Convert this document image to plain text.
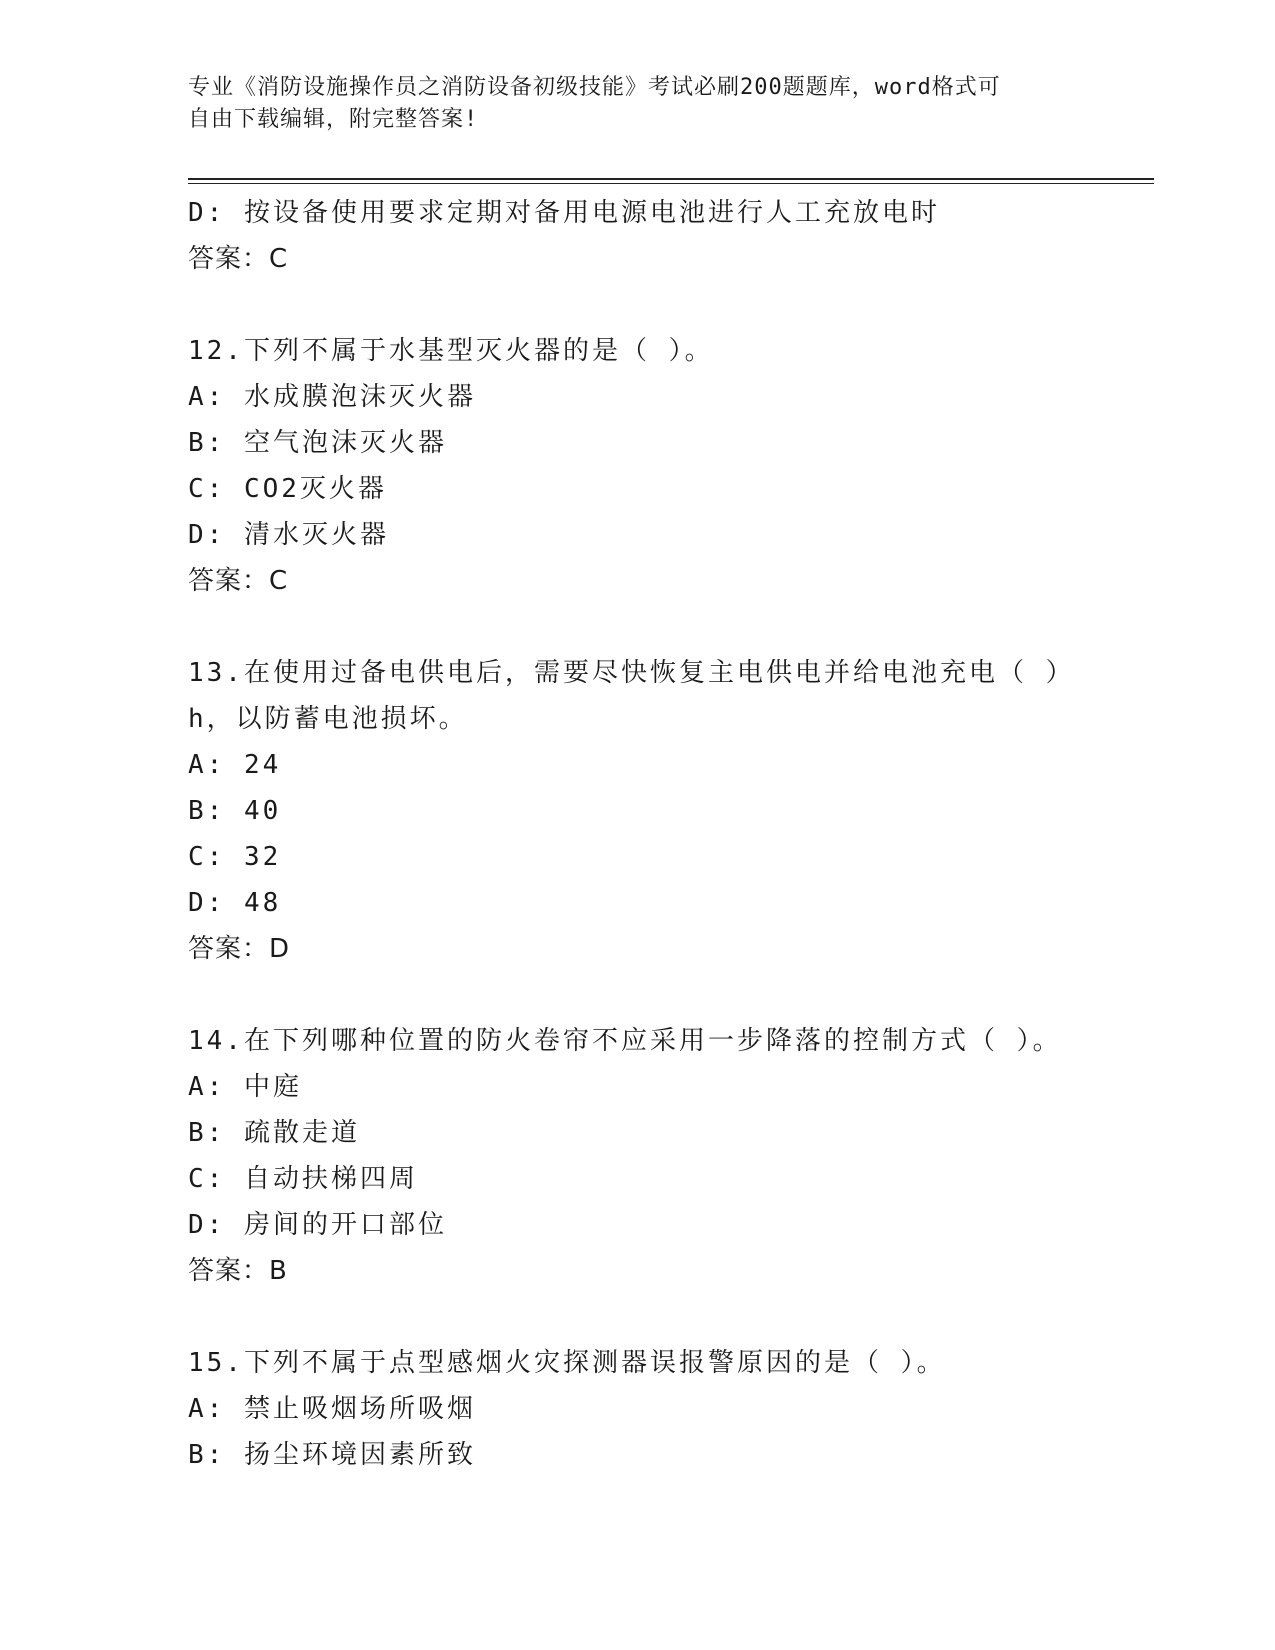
专业《消防设施操作员之消防设备初级技能》考试必刷200题题库，word格式可
自由下载编辑，附完整答案!
D: 按设备使用要求定期对备用电源电池进行人工充放电时
答案：C
12.下列不属于水基型灭火器的是（ ）。
A: 水成膜泡沫灭火器
B: 空气泡沫灭火器
C: CO2灭火器
D: 清水灭火器
答案：C
13.在使用过备电供电后，需要尽快恢复主电供电并给电池充电（ ）
h，以防蓄电池损坏。
A: 24
B: 40
C: 32
D: 48
答案：D
14.在下列哪种位置的防火卷帘不应采用一步降落的控制方式（ ）。
A: 中庭
B: 疏散走道
C: 自动扶梯四周
D: 房间的开口部位
答案：B
15.下列不属于点型感烟火灾探测器误报警原因的是（ ）。
A: 禁止吸烟场所吸烟
B: 扬尘环境因素所致
